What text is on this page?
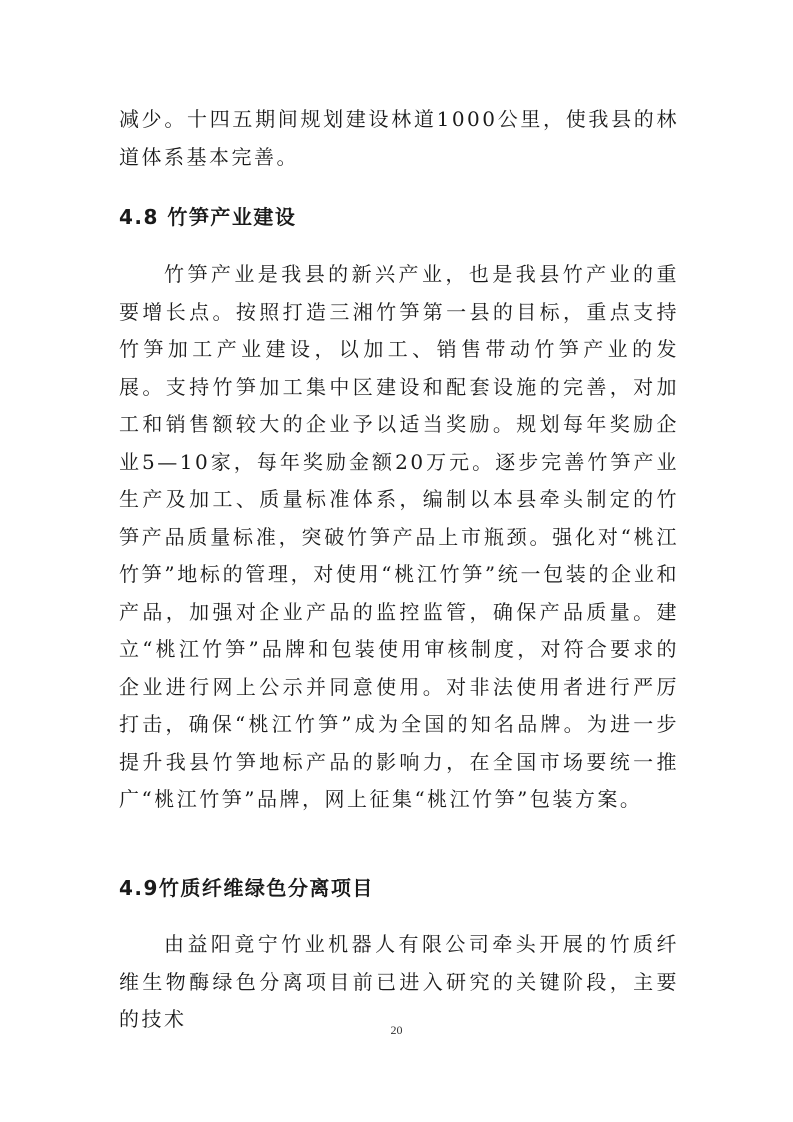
减少。十四五期间规划建设林道1000公里，使我县的林道体系基本完善。

4.8 竹笋产业建设

竹笋产业是我县的新兴产业，也是我县竹产业的重要增长点。按照打造三湘竹笋第一县的目标，重点支持竹笋加工产业建设，以加工、销售带动竹笋产业的发展。支持竹笋加工集中区建设和配套设施的完善，对加工和销售额较大的企业予以适当奖励。规划每年奖励企业5—10家，每年奖励金额20万元。逐步完善竹笋产业生产及加工、质量标准体系，编制以本县牵头制定的竹笋产品质量标准，突破竹笋产品上市瓶颈。强化对“桃江竹笋”地标的管理，对使用“桃江竹笋”统一包装的企业和产品，加强对企业产品的监控监管，确保产品质量。建立“桃江竹笋”品牌和包装使用审核制度，对符合要求的企业进行网上公示并同意使用。对非法使用者进行严厉打击，确保“桃江竹笋”成为全国的知名品牌。为进一步提升我县竹笋地标产品的影响力，在全国市场要统一推广“桃江竹笋”品牌，网上征集“桃江竹笋”包装方案。

4.9竹质纤维绿色分离项目

由益阳竟宁竹业机器人有限公司牵头开展的竹质纤维生物酶绿色分离项目前已进入研究的关键阶段，主要的技术	20
